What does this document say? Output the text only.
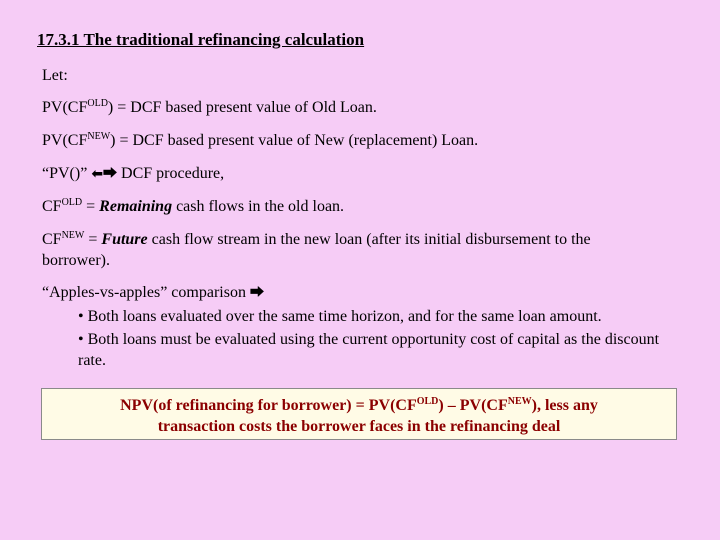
17.3.1 The traditional refinancing calculation
Let:
$PV(CF^{OLD})$ = DCF based present value of Old Loan.
$PV(CF^{NEW})$ = DCF based present value of New (replacement) Loan.
“PV()” ⬅⮕ DCF procedure,
$CF^{OLD}$ = Remaining cash flows in the old loan.
$CF^{NEW}$ = Future cash flow stream in the new loan (after its initial disbursement to the
borrower).
“Apples-vs-apples” comparison ⮕
• Both loans evaluated over the same time horizon, and for the same loan amount.
• Both loans must be evaluated using the current opportunity cost of capital as the discount rate.
NPV(of refinancing for borrower) = $PV(CF^{OLD}) - PV(CF^{NEW})$, less any
transaction costs the borrower faces in the refinancing deal
